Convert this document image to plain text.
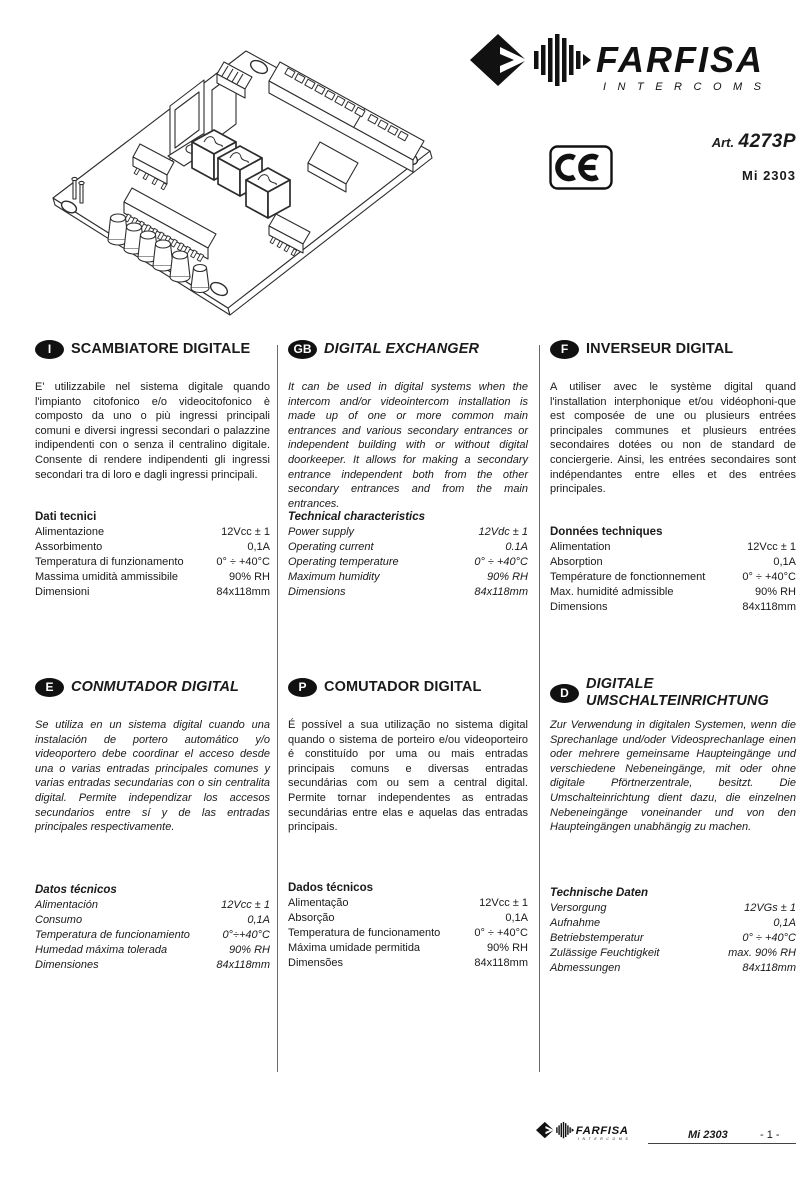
FARFISA
INTERCOMS
Art. 4273P
Mi 2303
I	SCAMBIATORE DIGITALE

E' utilizzabile nel sistema digitale quando l'impianto citofonico e/o videocitofonico è composto da uno o più ingressi principali comuni e diversi ingressi secondari o palazzine indipendenti con o senza il centralino digitale. Consente di rendere indipendenti gli ingressi secondari tra di loro e dagli ingressi principali.

Dati tecnici
Alimentazione	12Vcc ± 1
Assorbimento	0,1A
Temperatura di funzionamento	0° ÷ +40°C
Massima umidità ammissibile	90% RH
Dimensioni	84x118mm
GB DIGITAL EXCHANGER

It can be used in digital systems when the intercom and/or videointercom installation is made up of one or more common main entrances and various secondary entrances or independent building with or without digital doorkeeper. It allows for making a secondary entrance independent both from the other secondary entrances and from the main entrances.

Technical characteristics
Power supply	12Vdc ± 1
Operating current	0.1A
Operating temperature	0° ÷ +40°C
Maximum humidity	90% RH
Dimensions	84x118mm
F	INVERSEUR DIGITAL

A utiliser avec le système digital quand l'installation interphonique et/ou vidéophoni-que est composée de une ou plusieurs entrées principales communes et plusieurs entrées secondaires dotées ou non de standard de conciergerie. Ainsi, les entrées secondaires sont indépendantes entre elles et des entrées principales.

Données techniques
Alimentation	12Vcc ± 1
Absorption	0,1A
Température de fonctionnement	0° ÷ +40°C
Max. humidité admissible	90% RH
Dimensions	84x118mm
E	CONMUTADOR DIGITAL

Se utiliza en un sistema digital cuando una instalación de portero automático y/o videoportero debe coordinar el acceso desde una o varias entradas principales comunes y varias entradas secundarias con o sin centralita digital. Permite independizar los accesos secundarios entre sí y de las entradas principales respectivamente.

Datos técnicos
Alimentación	12Vcc ± 1
Consumo	0,1A
Temperatura de funcionamiento	0°÷+40°C
Humedad máxima tolerada	90% RH
Dimensiones	84x118mm
P	COMUTADOR DIGITAL

É possível a sua utilização no sistema digital quando o sistema de porteiro e/ou videoporteiro é constituído por uma ou mais entradas principais comuns e diversas entradas secundárias com ou sem a central digital. Permite tornar independentes as entradas secundárias entre elas e aquelas das entradas principais.

Dados técnicos
Alimentação	12Vcc ± 1
Absorção	0,1A
Temperatura de funcionamento	0° ÷ +40°C
Máxima umidade permitida	90% RH
Dimensões	84x118mm
D
DIGITALE
UMSCHALTEINRICHTUNG

Zur Verwendung in digitalen Systemen, wenn die Sprechanlage und/oder Videosprechanlage einen oder mehrere gemeinsame Haupteingänge und verschiedene Nebeneingänge, mit oder ohne digitale Pförtnerzentrale, besitzt. Die Umschalteinrichtung dient dazu, die einzelnen Nebeneingänge voneinander und von den Haupteingängen unabhängig zu machen.

Technische Daten
Versorgung	12VGs ± 1
Aufnahme	0,1A
Betriebstemperatur	0° ÷ +40°C
Zulässige Feuchtigkeit	max. 90% RH
Abmessungen	84x118mm
FARFISA
INTERCOMS	Mi 2303	- 1 -
